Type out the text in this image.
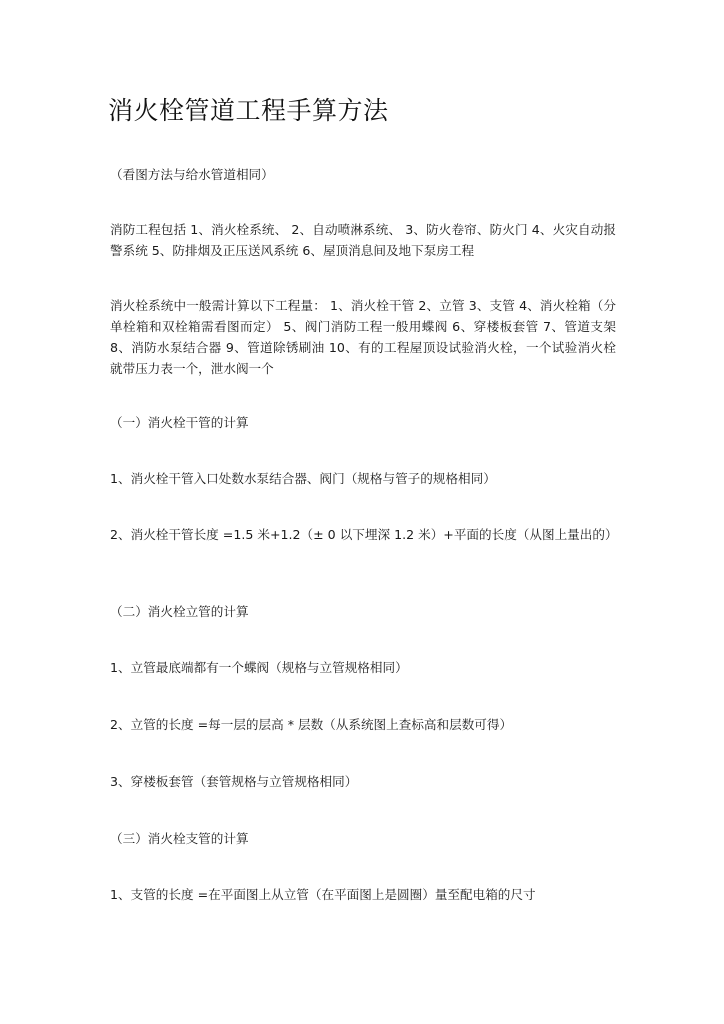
消火栓管道工程手算方法

（看图方法与给水管道相同）

消防工程包括 1、消火栓系统、 2、自动喷淋系统、 3、防火卷帘、防火门 4、火灾自动报警系统 5、防排烟及正压送风系统 6、屋顶消息间及地下泵房工程

消火栓系统中一般需计算以下工程量： 1、消火栓干管 2、立管 3、支管 4、消火栓箱（分单栓箱和双栓箱需看图而定） 5、阀门消防工程一般用蝶阀 6、穿楼板套管 7、管道支架 8、消防水泵结合器 9、管道除锈刷油 10、有的工程屋顶设试验消火栓，一个试验消火栓就带压力表一个，泄水阀一个

（一）消火栓干管的计算

1、消火栓干管入口处数水泵结合器、阀门（规格与管子的规格相同）

2、消火栓干管长度 =1.5 米+1.2（± 0 以下埋深 1.2 米）+平面的长度（从图上量出的）

（二）消火栓立管的计算

1、立管最底端都有一个蝶阀（规格与立管规格相同）

2、立管的长度 =每一层的层高 * 层数（从系统图上查标高和层数可得）

3、穿楼板套管（套管规格与立管规格相同）

（三）消火栓支管的计算

1、支管的长度 =在平面图上从立管（在平面图上是圆圈）量至配电箱的尺寸
